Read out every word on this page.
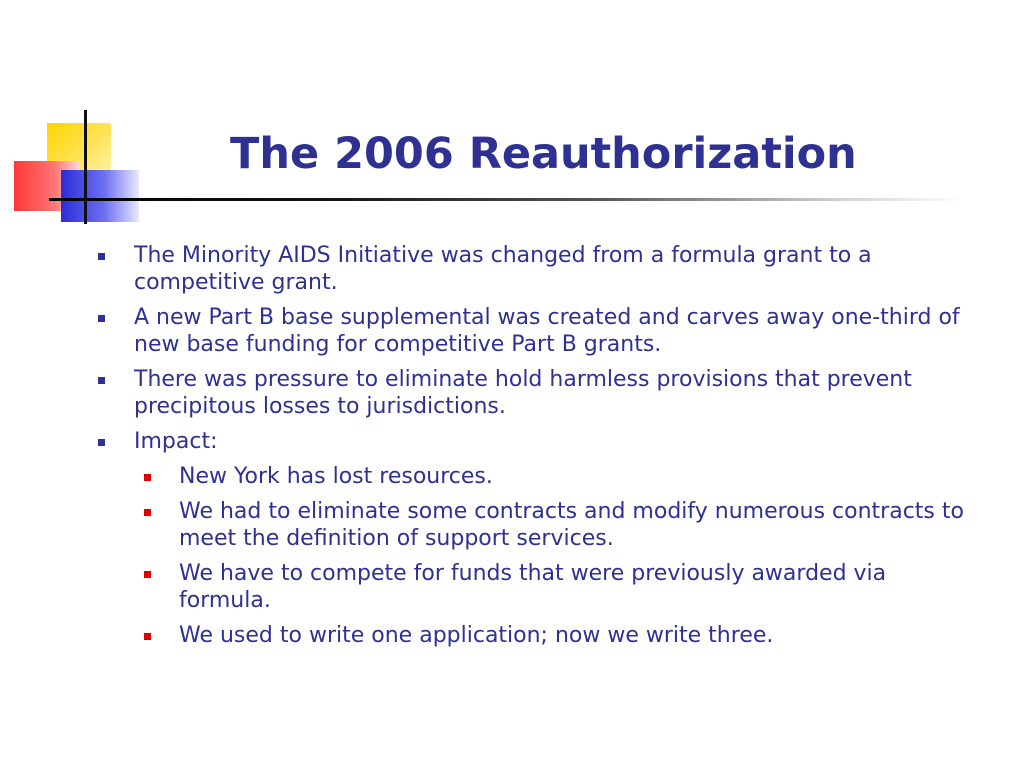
The 2006 Reauthorization
The Minority AIDS Initiative was changed from a formula grant to a competitive grant.
A new Part B base supplemental was created and carves away one-third of new base funding for competitive Part B grants.
There was pressure to eliminate hold harmless provisions that prevent precipitous losses to jurisdictions.
Impact:
New York has lost resources.
We had to eliminate some contracts and modify numerous contracts to meet the definition of support services.
We have to compete for funds that were previously awarded via formula.
We used to write one application; now we write three.
